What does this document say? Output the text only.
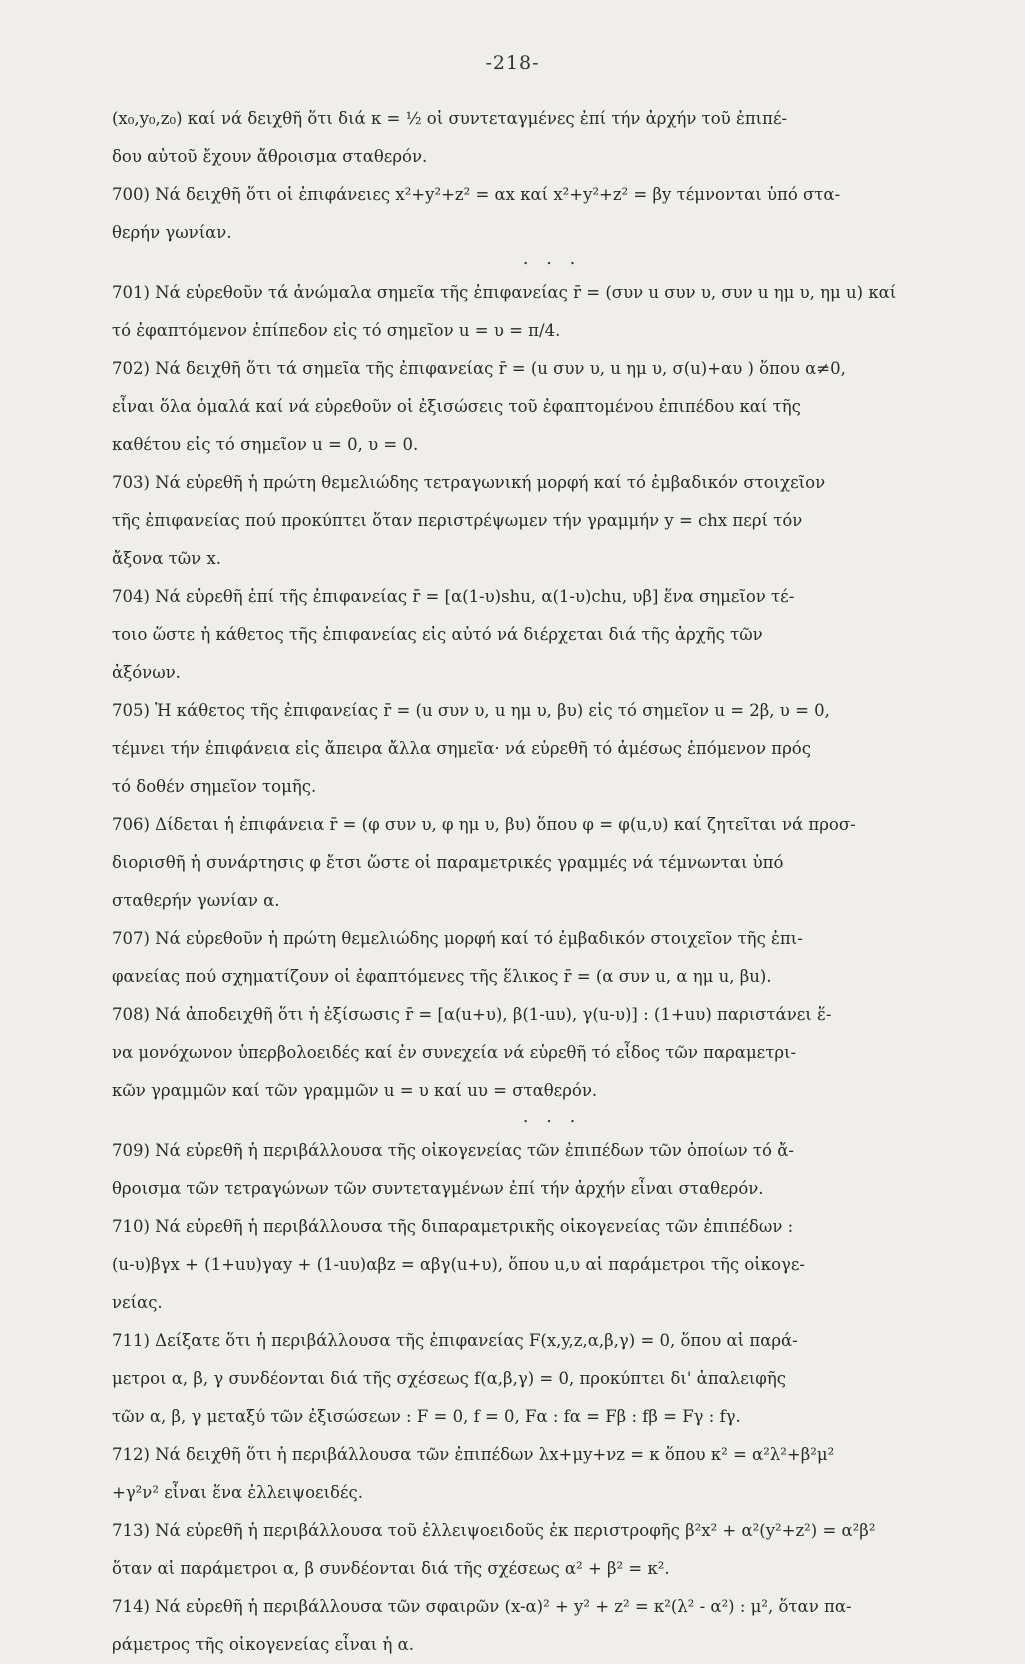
-218-
(x₀,y₀,z₀) καί νά δειχθῆ ὅτι διά κ = ½ οἱ συντεταγμένες ἐπί τήν ἀρχήν τοῦ ἐπιπέ-
δου αὐτοῦ ἔχουν ἄθροισμα σταθερόν.
700) Νά δειχθῆ ὅτι οἱ ἐπιφάνειες x²+y²+z² = αx καί x²+y²+z² = βy τέμνονται ὑπό στα-
θερήν γωνίαν.
. . .
701) Νά εὑρεθοῦν τά ἀνώμαλα σημεῖα τῆς ἐπιφανείας r̄ = (συν u συν υ, συν u ημ υ, ημ u) καί
τό ἐφαπτόμενον ἐπίπεδον εἰς τό σημεῖον u = υ = π/4.
702) Νά δειχθῆ ὅτι τά σημεῖα τῆς ἐπιφανείας r̄ = (u συν υ, u ημ υ, σ(u)+αυ ) ὅπου α≠0,
εἶναι ὅλα ὁμαλά καί νά εὑρεθοῦν οἱ ἐξισώσεις τοῦ ἐφαπτομένου ἐπιπέδου καί τῆς
καθέτου εἰς τό σημεῖον u = 0, υ = 0.
703) Νά εὑρεθῆ ἡ πρώτη θεμελιώδης τετραγωνική μορφή καί τό ἐμβαδικόν στοιχεῖον
τῆς ἐπιφανείας πού προκύπτει ὅταν περιστρέψωμεν τήν γραμμήν y = chx περί τόν
ἄξονα τῶν x.
704) Νά εὑρεθῆ ἐπί τῆς ἐπιφανείας r̄ = [α(1-υ)shu, α(1-υ)chu, υβ] ἕνα σημεῖον τέ-
τοιο ὥστε ἡ κάθετος τῆς ἐπιφανείας εἰς αὐτό νά διέρχεται διά τῆς ἀρχῆς τῶν
ἀξόνων.
705) Ἡ κάθετος τῆς ἐπιφανείας r̄ = (u συν υ, u ημ υ, βυ) εἰς τό σημεῖον u = 2β, υ = 0,
τέμνει τήν ἐπιφάνεια εἰς ἄπειρα ἄλλα σημεῖα· νά εὑρεθῆ τό ἀμέσως ἑπόμενον πρός
τό δοθέν σημεῖον τομῆς.
706) Δίδεται ἡ ἐπιφάνεια r̄ = (φ συν υ, φ ημ υ, βυ) ὅπου φ = φ(u,υ) καί ζητεῖται νά προσ-
διορισθῆ ἡ συνάρτησις φ ἔτσι ὥστε οἱ παραμετρικές γραμμές νά τέμνωνται ὑπό
σταθερήν γωνίαν α.
707) Νά εὑρεθοῦν ἡ πρώτη θεμελιώδης μορφή καί τό ἐμβαδικόν στοιχεῖον τῆς ἐπι-
φανείας πού σχηματίζουν οἱ ἐφαπτόμενες τῆς ἕλικος r̄ = (α συν u, α ημ u, βu).
708) Νά ἀποδειχθῆ ὅτι ἡ ἐξίσωσις r̄ = [α(u+υ), β(1-uυ), γ(u-υ)] : (1+uυ) παριστάνει ἕ-
να μονόχωνον ὑπερβολοειδές καί ἐν συνεχεία νά εὑρεθῆ τό εἶδος τῶν παραμετρι-
κῶν γραμμῶν καί τῶν γραμμῶν u = υ καί uυ = σταθερόν.
. . .
709) Νά εὑρεθῆ ἡ περιβάλλουσα τῆς οἰκογενείας τῶν ἐπιπέδων τῶν ὁποίων τό ἄ-
θροισμα τῶν τετραγώνων τῶν συντεταγμένων ἐπί τήν ἀρχήν εἶναι σταθερόν.
710) Νά εὑρεθῆ ἡ περιβάλλουσα τῆς διπαραμετρικῆς οἰκογενείας τῶν ἐπιπέδων :
(u-υ)βγx + (1+uυ)γαy + (1-uυ)αβz = αβγ(u+υ), ὅπου u,υ αἱ παράμετροι τῆς οἰκογε-
νείας.
711) Δείξατε ὅτι ἡ περιβάλλουσα τῆς ἐπιφανείας F(x,y,z,α,β,γ) = 0, ὅπου αἱ παρά-
μετροι α, β, γ συνδέονται διά τῆς σχέσεως f(α,β,γ) = 0, προκύπτει δι' ἀπαλειφῆς
τῶν α, β, γ μεταξύ τῶν ἐξισώσεων : F = 0, f = 0, Fα : fα = Fβ : fβ = Fγ : fγ.
712) Νά δειχθῆ ὅτι ἡ περιβάλλουσα τῶν ἐπιπέδων λx+μy+νz = κ ὅπου κ² = α²λ²+β²μ²
+γ²ν² εἶναι ἕνα ἐλλειψοειδές.
713) Νά εὑρεθῆ ἡ περιβάλλουσα τοῦ ἐλλειψοειδοῦς ἐκ περιστροφῆς β²x² + α²(y²+z²) = α²β²
ὅταν αἱ παράμετροι α, β συνδέονται διά τῆς σχέσεως α² + β² = κ².
714) Νά εὑρεθῆ ἡ περιβάλλουσα τῶν σφαιρῶν (x-α)² + y² + z² = κ²(λ² - α²) : μ², ὅταν πα-
ράμετρος τῆς οἰκογενείας εἶναι ἡ α.
